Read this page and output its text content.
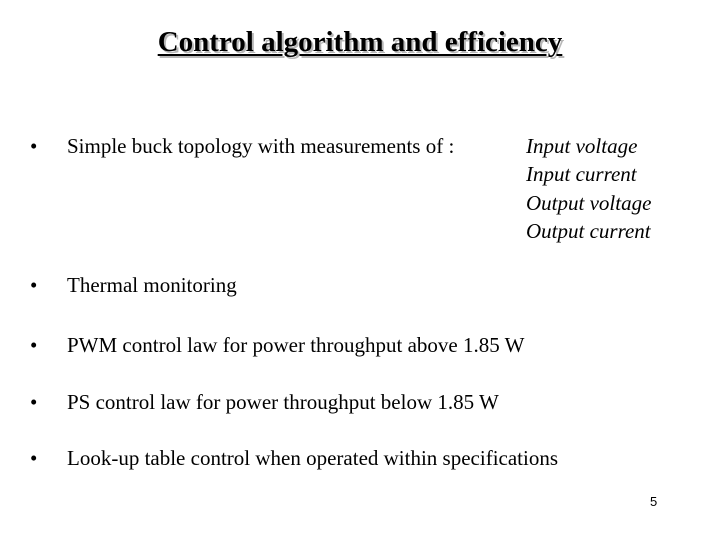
Control algorithm and efficiency
• Simple buck topology with measurements of :	Input voltage
Input current
Output voltage
Output current
• Thermal monitoring
• PWM control law for power throughput above 1.85 W
• PS control law for power throughput below 1.85 W
• Look-up table control when operated within specifications
5
